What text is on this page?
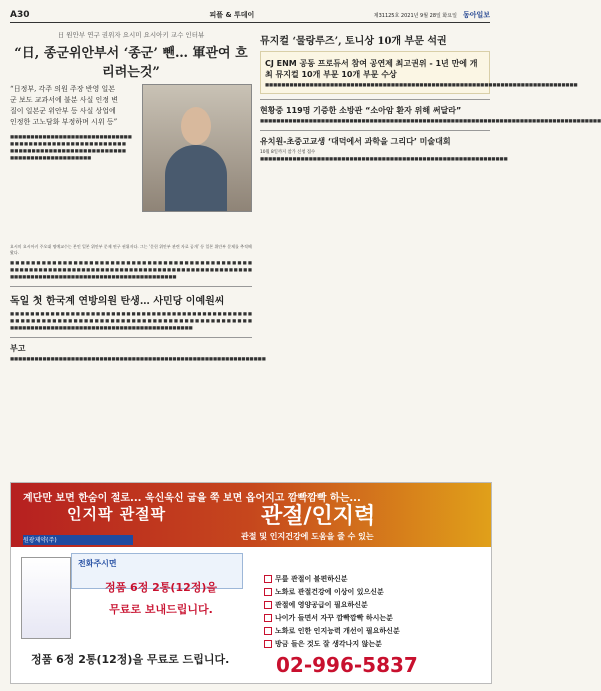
A30	피플 & 투데이	제31125호 2021년 9월 28일 화요일 동아일보
日 원안부 연구 권위자 요시미 요시아키 교수 인터뷰
“日, 종군위안부서 ‘종군’ 뺀… 軍관여 흐리려는것”
“日정부, 각주 의원 주장 반영 일본군 보도 교과서에 불분 사실 인정 변질이 일본군 위안부 등 사실 상업에 인정한 고노담화 부정하며 시위 등”
■■■■■■■■■■■■■■■■■■■■■■■■■■■■■■ ■■■■■■■■■■■■■■■■■■■■■■■■■ ■■■■■■■■■■■■■■■■■■■■■■■■■■■ ■■■■■■■■■■■■■■■■■■■■
요시미 요시아키 주오대 명예교수는 본인 일본 위안부 문제 연구 권위자다. 그는 ‘문헌 위안부 관련 자료 공개’ 등 일본 위안부 문제를 추적해 왔다.
■■■■■■■■■■■■■■■■■■■■■■■■■■■■■■■■■■■■■■■■■■■■■■ ■■■■■■■■■■■■■■■■■■■■■■■■■■■■■■■■■■■■■■■■■■■■■■■■■■■ ■■■■■■■■■■■■■■■■■■■■■■■■■■■■■■■■■■■■■■■■■
독일 첫 한국계 연방의원 탄생… 사민당 이예원씨
■■■■■■■■■■■■■■■■■■■■■■■■■■■■■■■■■■■■■■■■■■■■■■■■ ■■■■■■■■■■■■■■■■■■■■■■■■■■■■■■■■■■■■■■■■■■■■■■ ■■■■■■■■■■■■■■■■■■■■■■■■■■■■■■■■■■■■■■■■■■■■■
부고
■■■■■■■■■■■■■■■■■■■■■■■■■■■■■■■■■■■■■■■■■■■■■■■■■■■■■■■■■■■■■■■
뮤지컬 ‘물랑루즈’, 토니상 10개 부문 석권
CJ ENM 공동 프로듀서 참여 공연제 최고권위 - 1년 만에 개최 뮤지컬 10개 부문 10개 부문 수상
■■■■■■■■■■■■■■■■■■■■■■■■■■■■■■■■■■■■■■■■■■■■■■■■■■■■■■■■■■■■■■■■■■■■■■■■■■■■■
현황중 119명 기증한 소방관 “소아암 환자 위해 써달라”
■■■■■■■■■■■■■■■■■■■■■■■■■■■■■■■■■■■■■■■■■■■■■■■■■■■■■■■■■■■■■■■■■■■■■■■■■■■■■■■■■■■■
유치원-초중고교생 ‘대덕에서 과학을 그리다’ 미술대회
10월 8일까지 참가 신청 접수
■■■■■■■■■■■■■■■■■■■■■■■■■■■■■■■■■■■■■■■■■■■■■■■■■■■■■■■■■■■■■
계단만 보면 한숨이 절로... 욱신욱신 굽을 쭉 보면 옵어지고 깜빡깜빡 하는...
인지팍 관절팍
원광제약(주)
관절/인지력
관절 및 인지건강에 도움을 줄 수 있는
전화주시면
정품 6정 2통(12정)을
무료로 보내드립니다.
정품 6정 2통(12정)을 무료로 드립니다.
무릎 관절이 불편하신분
노화로 관절건강에 이상이 있으신분
관절에 영양공급이 필요하신분
나이가 들면서 자꾸 깜빡깜빡 하시는분
노화로 인한 인지능력 개선이 필요하신분
방금 들은 것도 잘 생각나지 않는분
02-996-5837
